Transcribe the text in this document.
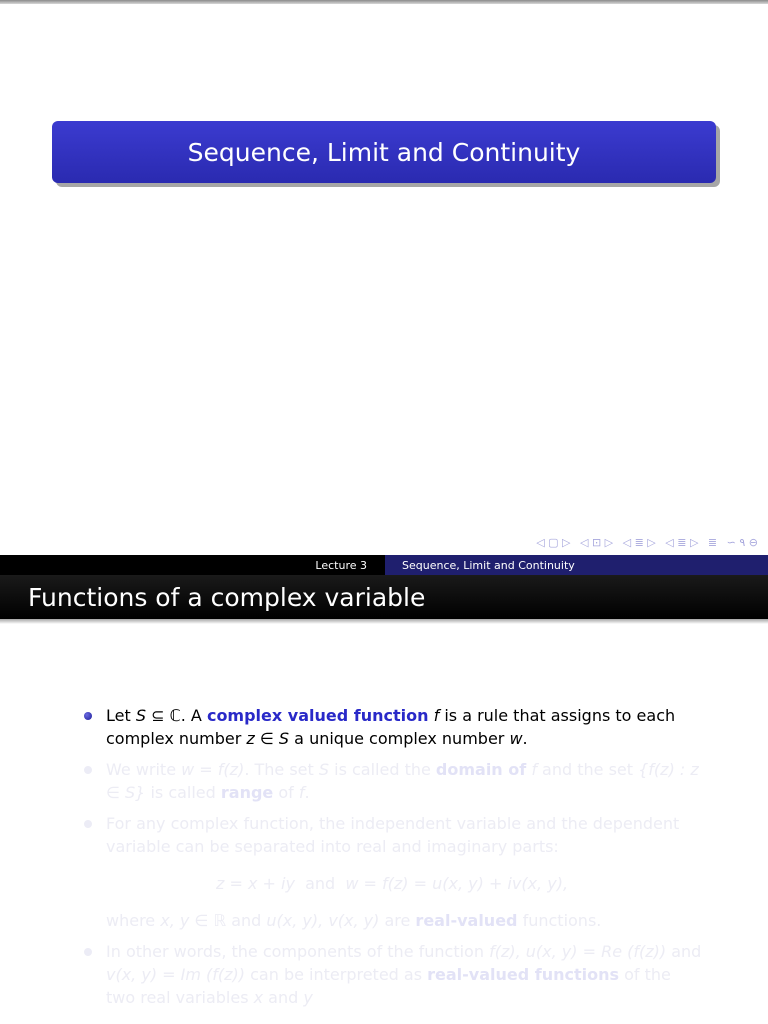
Sequence, Limit and Continuity
◁ ▢ ▷ ◁ ⊡ ▷ ◁ ≣ ▷ ◁ ≣ ▷ ≣ ∽ ٩ ⊖
Lecture 3	Sequence, Limit and Continuity
Functions of a complex variable
Let S ⊆ ℂ. A complex valued function f is a rule that assigns to each complex number z ∈ S a unique complex number w.
We write w = f(z). The set S is called the domain of f and the set {f(z) : z ∈ S} is called range of f.
For any complex function, the independent variable and the dependent variable can be separated into real and imaginary parts:
z = x + iy  and  w = f(z) = u(x, y) + iv(x, y),
where x, y ∈ ℝ and u(x, y), v(x, y) are real-valued functions.
In other words, the components of the function f(z), u(x, y) = Re (f(z)) and v(x, y) = Im (f(z)) can be interpreted as real-valued functions of the two real variables x and y
